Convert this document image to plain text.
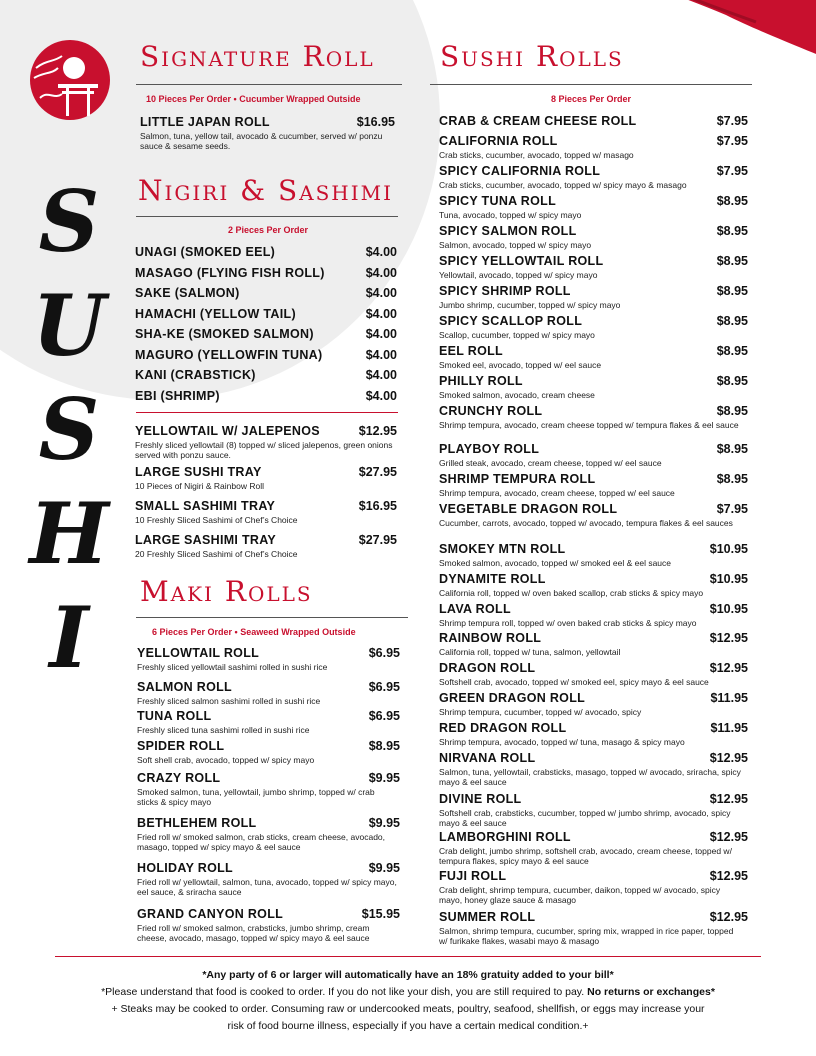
S
U
S
H
I
Signature Roll
10 Pieces Per Order • Cucumber Wrapped Outside
LITTLE JAPAN ROLL	$16.95
Salmon, tuna, yellow tail, avocado & cucumber, served w/ ponzu sauce & sesame seeds.
Nigiri & Sashimi
2 Pieces Per Order
UNAGI (SMOKED EEL)	$4.00
MASAGO (FLYING FISH ROLL)	$4.00
SAKE (SALMON)	$4.00
HAMACHI (YELLOW TAIL)	$4.00
SHA-KE (SMOKED SALMON)	$4.00
MAGURO (YELLOWFIN TUNA)	$4.00
KANI (CRABSTICK)	$4.00
EBI (SHRIMP)	$4.00
YELLOWTAIL W/ JALEPENOS	$12.95
Freshly sliced yellowtail (8) topped w/ sliced jalepenos, green onions served with ponzu sauce.
LARGE SUSHI TRAY	$27.95
10 Pieces of Nigiri & Rainbow Roll
SMALL SASHIMI TRAY	$16.95
10 Freshly Sliced Sashimi of Chef’s Choice
LARGE SASHIMI TRAY	$27.95
20 Freshly Sliced Sashimi of Chef’s Choice
Maki Rolls
6 Pieces Per Order • Seaweed Wrapped Outside
YELLOWTAIL ROLL	$6.95
Freshly sliced yellowtail sashimi rolled in sushi rice
SALMON ROLL	$6.95
Freshly sliced salmon sashimi rolled in sushi rice
TUNA ROLL	$6.95
Freshly sliced tuna sashimi rolled in sushi rice
SPIDER ROLL	$8.95
Soft shell crab, avocado, topped w/ spicy mayo
CRAZY ROLL	$9.95
Smoked salmon, tuna, yellowtail, jumbo shrimp, topped w/ crab sticks & spicy mayo
BETHLEHEM ROLL	$9.95
Fried roll w/ smoked salmon, crab sticks, cream cheese, avocado, masago, topped w/ spicy mayo & eel sauce
HOLIDAY ROLL	$9.95
Fried roll w/ yellowtail, salmon, tuna, avocado, topped w/ spicy mayo, eel sauce, & sriracha sauce
GRAND CANYON ROLL	$15.95
Fried roll w/ smoked salmon, crabsticks, jumbo shrimp, cream cheese, avocado, masago, topped w/ spicy mayo & eel sauce
Sushi Rolls
8 Pieces Per Order
CRAB & CREAM CHEESE ROLL	$7.95
CALIFORNIA ROLL	$7.95
Crab sticks, cucumber, avocado, topped w/ masago
SPICY CALIFORNIA ROLL	$7.95
Crab sticks, cucumber, avocado, topped w/ spicy mayo & masago
SPICY TUNA ROLL	$8.95
Tuna, avocado, topped w/ spicy mayo
SPICY SALMON ROLL	$8.95
Salmon, avocado, topped w/ spicy mayo
SPICY YELLOWTAIL ROLL	$8.95
Yellowtail, avocado, topped w/ spicy mayo
SPICY SHRIMP ROLL	$8.95
Jumbo shrimp, cucumber, topped w/ spicy mayo
SPICY SCALLOP ROLL	$8.95
Scallop, cucumber, topped w/ spicy mayo
EEL ROLL	$8.95
Smoked eel, avocado, topped w/ eel sauce
PHILLY ROLL	$8.95
Smoked salmon, avocado, cream cheese
CRUNCHY ROLL	$8.95
Shrimp tempura, avocado, cream cheese topped w/ tempura flakes & eel sauce
PLAYBOY ROLL	$8.95
Grilled steak, avocado, cream cheese, topped w/ eel sauce
SHRIMP TEMPURA ROLL	$8.95
Shrimp tempura, avocado, cream cheese, topped w/ eel sauce
VEGETABLE DRAGON ROLL	$7.95
Cucumber, carrots, avocado, topped w/ avocado, tempura flakes & eel sauces
SMOKEY MTN ROLL	$10.95
Smoked salmon, avocado, topped w/ smoked eel & eel sauce
DYNAMITE ROLL	$10.95
California roll, topped w/ oven baked scallop, crab sticks & spicy mayo
LAVA ROLL	$10.95
Shrimp tempura roll, topped w/ oven baked crab sticks & spicy mayo
RAINBOW ROLL	$12.95
California roll, topped w/ tuna, salmon, yellowtail
DRAGON ROLL	$12.95
Softshell crab, avocado, topped w/ smoked eel, spicy mayo & eel sauce
GREEN DRAGON ROLL	$11.95
Shrimp tempura, cucumber, topped w/ avocado, spicy
RED DRAGON ROLL	$11.95
Shrimp tempura, avocado, topped w/ tuna, masago & spicy mayo
NIRVANA ROLL	$12.95
Salmon, tuna, yellowtail, crabsticks, masago, topped w/ avocado, sriracha, spicy mayo & eel sauce
DIVINE ROLL	$12.95
Softshell crab, crabsticks, cucumber, topped w/ jumbo shrimp, avocado, spicy mayo & eel sauce
LAMBORGHINI ROLL	$12.95
Crab delight, jumbo shrimp, softshell crab, avocado, cream cheese, topped w/ tempura flakes, spicy mayo & eel sauce
FUJI ROLL	$12.95
Crab delight, shrimp tempura, cucumber, daikon, topped w/ avocado, spicy mayo, honey glaze sauce & masago
SUMMER ROLL	$12.95
Salmon, shrimp tempura, cucumber, spring mix, wrapped in rice paper, topped w/ furikake flakes, wasabi mayo & masago
*Any party of 6 or larger will automatically have an 18% gratuity added to your bill*
*Please understand that food is cooked to order. If you do not like your dish, you are still required to pay. No returns or exchanges*
+ Steaks may be cooked to order. Consuming raw or undercooked meats, poultry, seafood, shellfish, or eggs may increase your
risk of food bourne illness, especially if you have a certain medical condition.+
